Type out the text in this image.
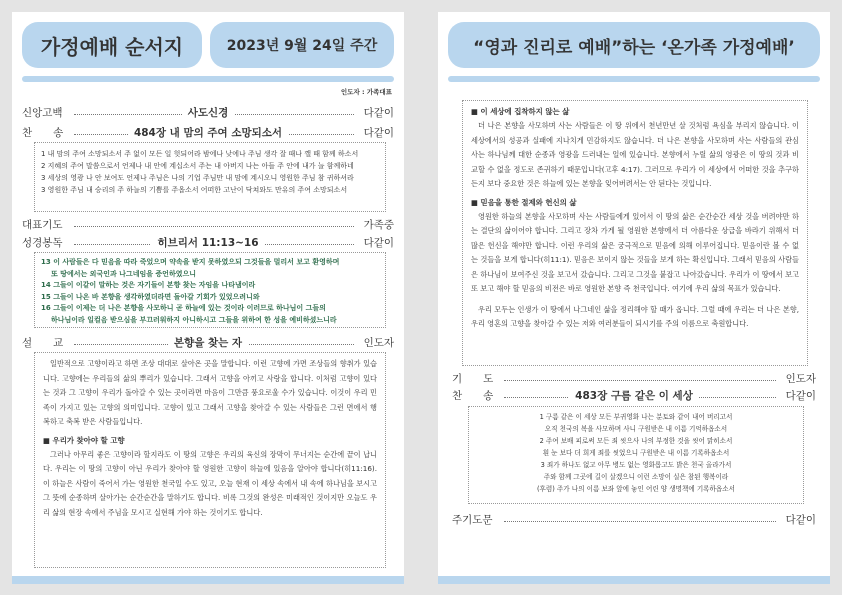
가정예배 순서지	2023년 9월 24일 주간
인도자 : 가족대표
신앙고백	사도신경	다같이
찬　　송	484장 내 맘의 주여 소망되소서	다같이
1 내 맘의 주여 소망되소서 주 없이 모든 일 헛되어라 밤에나 낮에나 주님 생각 잘 때나 깰 때 함께 하소서
2 지혜의 주여 말씀으로서 언제나 내 안에 계십소서 주는 내 아버지 나는 아들 주 안에 내가 늘 함께하네
3 세상의 영광 나 안 보여도 언제나 주님은 나의 기업 주님만 내 맘에 계시오니 영원한 주님 참 귀하셔라
3 영원한 주님 내 승리의 주 하늘의 기쁨를 주옵소서 어떠한 고난이 닥쳐와도 만유의 주여 소망되소서
대표기도	가족중
성경봉독	히브리서 11:13~16	다같이
13 이 사람들은 다 믿음을 따라 죽었으며 약속을 받지 못하였으되 그것들을 멀리서 보고 환영하며
또 땅에서는 외국인과 나그네임을 증언하였으니
14 그들이 이같이 말하는 것은 자기들이 본향 찾는 자임을 나타냄이라
15 그들이 나온 바 본향을 생각하였더라면 돌아갈 기회가 있었으려니와
16 그들이 이제는 더 나은 본향을 사모하니 곧 하늘에 있는 것이라 이러므로 하나님이 그들의
하나님이라 일컬음 받으심을 부끄러워하지 아니하시고 그들을 위하여 한 성을 예비하셨느니라
설　　교	본향을 찾는 자	인도자

일반적으로 고향이라고 하면 조상 대대로 살아온 곳을 말합니다. 이런 고향에 가면 조상들의 향취가 있습니다. 고향에는 우리들의 삶의 뿌리가 있습니다. 그래서 고향을 아끼고 사랑을 합니다. 이처럼 고향이 있다는 것과 그 고향이 우리가 돌아갈 수 있는 곳이라면 마음이 그만큼 풍요로울 수가 있습니다. 이것이 우리 민족이 가지고 있는 고향의 의미입니다. 고향이 있고 그래서 고향을 찾아갈 수 있는 사람들은 그런 면에서 행복하고 축복 받은 사람들입니다.

■ 우리가 찾아야 할 고향

그러나 아무리 좋은 고향이라 할지라도 이 땅의 고향은 우리의 육신의 장막이 무너지는 순간에 끝이 납니다. 우리는 이 땅의 고향이 아닌 우리가 찾아야 할 영원한 고향이 하늘에 있음을 알아야 합니다(히11:16). 이 하늘은 사람이 죽어서 가는 영원한 천국일 수도 있고, 오늘 현재 이 세상 속에서 내 속에 하나님을 보시고 그 뜻에 순종하며 살아가는 순간순간을 말하기도 합니다. 비록 그것의 완성은 미래적인 것이지만 오늘도 우리 삶의 현장 속에서 주님을 모시고 실현해 가야 하는 것이기도 합니다.

“영과 진리로 예배”하는 ‘온가족 가정예배’
■ 이 세상에 집착하지 않는 삶

더 나은 본향을 사모하며 사는 사람들은 이 땅 위에서 천년만년 살 것처럼 욕심을 부리지 않습니다. 이 세상에서의 성공과 실패에 지나치게 민감하지도 않습니다. 더 나은 본향을 사모하며 사는 사람들의 관심사는 하나님께 대한 순종과 영광을 드러내는 일에 있습니다. 본향에서 누릴 삶의 영광은 이 땅의 것과 비교할 수 없을 정도로 존귀하기 때문입니다(고후 4:17). 그러므로 우리가 이 세상에서 어떠한 것을 추구하든지 보다 중요한 것은 하늘에 있는 본향을 잊어버려서는 안 된다는 것입니다.

■ 믿음을 통한 절제와 헌신의 삶

영원한 하늘의 본향을 사모하며 사는 사람들에게 있어서 이 땅의 삶은 순간순간 세상 것을 버려야만 하는 결단의 삶이어야 합니다. 그리고 장차 가게 될 영원한 본향에서 더 아름다운 상급을 바라기 위해서 더 많은 헌신을 해야만 합니다. 이런 우리의 삶은 궁극적으로 믿음에 의해 이루어집니다. 믿음이란 볼 수 없는 것들을 보게 합니다(히11:1). 믿음은 보이지 않는 것들을 보게 하는 확신입니다. 그래서 믿음의 사람들은 하나님이 보여주신 것을 보고서 갔습니다. 그리고 그것을 붙잡고 나아갔습니다. 우리가 이 땅에서 보고 또 보고 해야 할 믿음의 비전은 바로 영원한 본향 즉 천국입니다. 여기에 우리 삶의 목표가 있습니다.

우리 모두는 인생가 이 땅에서 나그네인 삶을 정리해야 할 때가 옵니다. 그럴 때에 우리는 더 나은 본향, 우리 영혼의 고향을 찾아갈 수 있는 저와 여러분들이 되시기를 주의 이름으로 축원합니다.

기　　도	인도자
찬　　송	483장 구름 같은 이 세상	다같이
1 구름 같은 이 세상 모든 부귀영화 나는 분토와 같이 내어 버리고서
오직 천국의 복을 사모하며 사니 구원받은 내 이름 기억하옵소서
2 주여 보배 피로써 모든 죄 씻으사 나의 부정한 것을 씻어 맑히소서
흰 눈 보다 더 희게 죄를 씻었으니 구원받은 내 이름 기록하옵소서
3 죄가 하나도 없고 아무 병도 없는 영화롭고도 밝은 천국 올라가서
주와 함께 그곳에 길이 살겠으니 이런 소망이 실은 참된 행복이라
(후렴) 주가 나의 이름 보좌 앞에 놓인 어린 양 생명책에 기록하옵소서
주기도문	다같이
